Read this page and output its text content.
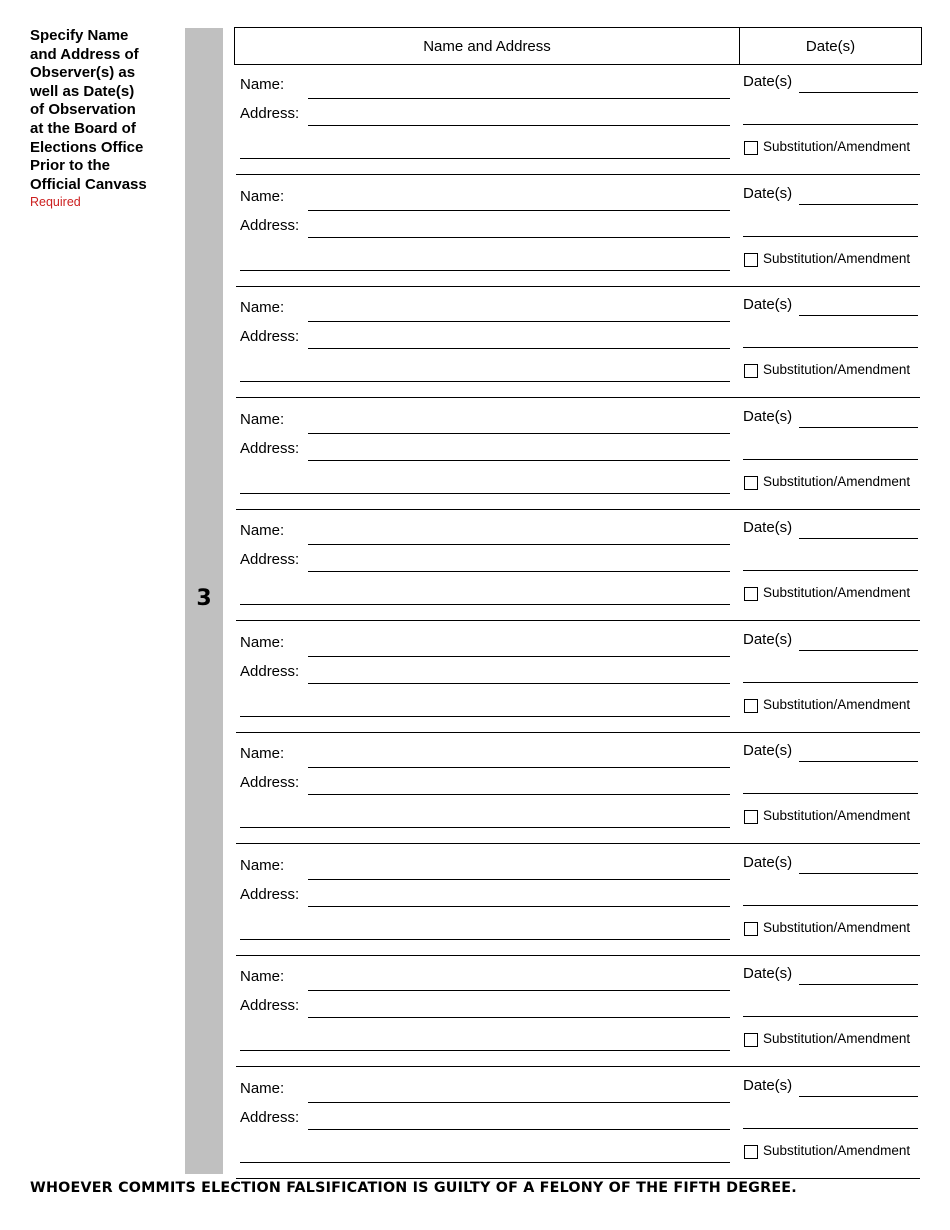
Specify Name
and Address of
Observer(s) as
well as Date(s)
of Observation
at the Board of
Elections Office
Prior to the
Official Canvass
Required
3
Name and Address	Date(s)
Name:
Address:
Date(s)
Substitution/Amendment
Name:
Address:
Date(s)
Substitution/Amendment
Name:
Address:
Date(s)
Substitution/Amendment
Name:
Address:
Date(s)
Substitution/Amendment
Name:
Address:
Date(s)
Substitution/Amendment
Name:
Address:
Date(s)
Substitution/Amendment
Name:
Address:
Date(s)
Substitution/Amendment
Name:
Address:
Date(s)
Substitution/Amendment
Name:
Address:
Date(s)
Substitution/Amendment
Name:
Address:
Date(s)
Substitution/Amendment
WHOEVER COMMITS ELECTION FALSIFICATION IS GUILTY OF A FELONY OF THE FIFTH DEGREE.
